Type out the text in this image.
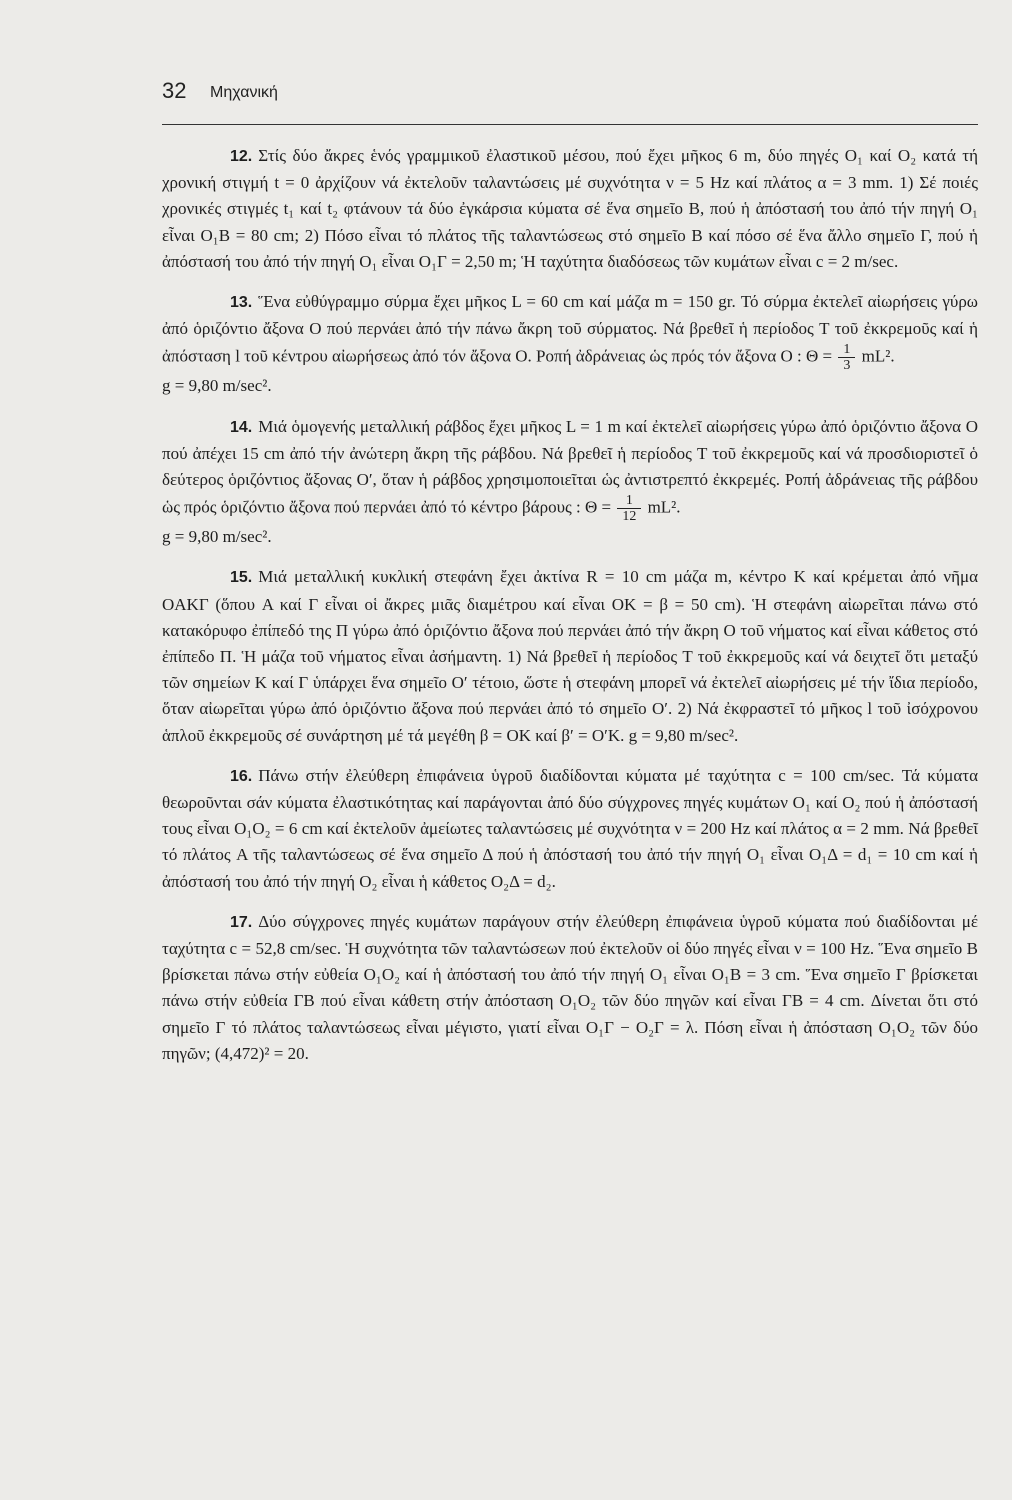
32 Μηχανική

12. Στίς δύο ἄκρες ἑνός γραμμικοῦ ἐλαστικοῦ μέσου, πού ἔχει μῆκος 6 m, δύο πηγές O₁ καί O₂ κατά τή χρονική στιγμή t = 0 ἀρχίζουν νά ἐκτελοῦν ταλαντώσεις μέ συχνότητα ν = 5 Hz καί πλάτος α = 3 mm. 1) Σέ ποιές χρονικές στιγμές t₁ καί t₂ φτάνουν τά δύο ἐγκάρσια κύματα σέ ἕνα σημεῖο Β, πού ἡ ἀπόστασή του ἀπό τήν πηγή O₁ εἶναι O₁B = 80 cm; 2) Πόσο εἶναι τό πλάτος τῆς ταλαντώσεως στό σημεῖο Β καί πόσο σέ ἕνα ἄλλο σημεῖο Γ, πού ἡ ἀπόστασή του ἀπό τήν πηγή O₁ εἶναι O₁Γ = 2,50 m; Ἡ ταχύτητα διαδόσεως τῶν κυμάτων εἶναι c = 2 m/sec.

13. Ἕνα εὐθύγραμμο σύρμα ἔχει μῆκος L = 60 cm καί μάζα m = 150 gr. Τό σύρμα ἐκτελεῖ αἰωρήσεις γύρω ἀπό ὁριζόντιο ἄξονα O πού περνάει ἀπό τήν πάνω ἄκρη τοῦ σύρματος. Νά βρεθεῖ ἡ περίοδος T τοῦ ἐκκρεμοῦς καί ἡ ἀπόσταση l τοῦ κέντρου αἰωρήσεως ἀπό τόν ἄξονα O. Ροπή ἀδράνειας ὡς πρός τόν ἄξονα O : $\Theta = \frac{1}{3} mL^2$.
g = 9,80 m/sec².

14. Μιά ὁμογενής μεταλλική ράβδος ἔχει μῆκος L = 1 m καί ἐκτελεῖ αἰωρήσεις γύρω ἀπό ὁριζόντιο ἄξονα O πού ἀπέχει 15 cm ἀπό τήν ἀνώτερη ἄκρη τῆς ράβδου. Νά βρεθεῖ ἡ περίοδος T τοῦ ἐκκρεμοῦς καί νά προσδιοριστεῖ ὁ δεύτερος ὁριζόντιος ἄξονας O′, ὅταν ἡ ράβδος χρησιμοποιεῖται ὡς ἀντιστρεπτό ἐκκρεμές. Ροπή ἀδράνειας τῆς ράβδου ὡς πρός ὁριζόντιο ἄξονα πού περνάει ἀπό τό κέντρο βάρους : $\Theta = \frac{1}{12} mL^2$.
g = 9,80 m/sec².

15. Μιά μεταλλική κυκλική στεφάνη ἔχει ἀκτίνα R = 10 cm μάζα m, κέντρο K καί κρέμεται ἀπό νῆμα OAKΓ (ὅπου A καί Γ εἶναι οἱ ἄκρες μιᾶς διαμέτρου καί εἶναι OK = β = 50 cm). Ἡ στεφάνη αἰωρεῖται πάνω στό κατακόρυφο ἐπίπεδό της Π γύρω ἀπό ὁριζόντιο ἄξονα πού περνάει ἀπό τήν ἄκρη O τοῦ νήματος καί εἶναι κάθετος στό ἐπίπεδο Π. Ἡ μάζα τοῦ νήματος εἶναι ἀσήμαντη. 1) Νά βρεθεῖ ἡ περίοδος T τοῦ ἐκκρεμοῦς καί νά δειχτεῖ ὅτι μεταξύ τῶν σημείων K καί Γ ὑπάρχει ἕνα σημεῖο O′ τέτοιο, ὥστε ἡ στεφάνη μπορεῖ νά ἐκτελεῖ αἰωρήσεις μέ τήν ἴδια περίοδο, ὅταν αἰωρεῖται γύρω ἀπό ὁριζόντιο ἄξονα πού περνάει ἀπό τό σημεῖο O′. 2) Νά ἐκφραστεῖ τό μῆκος l τοῦ ἰσόχρονου ἁπλοῦ ἐκκρεμοῦς σέ συνάρτηση μέ τά μεγέθη β = OK καί β′ = O′K. g = 9,80 m/sec².

16. Πάνω στήν ἐλεύθερη ἐπιφάνεια ὑγροῦ διαδίδονται κύματα μέ ταχύτητα c = 100 cm/sec. Τά κύματα θεωροῦνται σάν κύματα ἐλαστικότητας καί παράγονται ἀπό δύο σύγχρονες πηγές κυμάτων O₁ καί O₂ πού ἡ ἀπόστασή τους εἶναι O₁O₂ = 6 cm καί ἐκτελοῦν ἀμείωτες ταλαντώσεις μέ συχνότητα ν = 200 Hz καί πλάτος α = 2 mm. Νά βρεθεῖ τό πλάτος A τῆς ταλαντώσεως σέ ἕνα σημεῖο Δ πού ἡ ἀπόστασή του ἀπό τήν πηγή O₁ εἶναι O₁Δ = d₁ = 10 cm καί ἡ ἀπόστασή του ἀπό τήν πηγή O₂ εἶναι ἡ κάθετος O₂Δ = d₂.

17. Δύο σύγχρονες πηγές κυμάτων παράγουν στήν ἐλεύθερη ἐπιφάνεια ὑγροῦ κύματα πού διαδίδονται μέ ταχύτητα c = 52,8 cm/sec. Ἡ συχνότητα τῶν ταλαντώσεων πού ἐκτελοῦν οἱ δύο πηγές εἶναι ν = 100 Hz. Ἕνα σημεῖο B βρίσκεται πάνω στήν εὐθεία O₁O₂ καί ἡ ἀπόστασή του ἀπό τήν πηγή O₁ εἶναι O₁B = 3 cm. Ἕνα σημεῖο Γ βρίσκεται πάνω στήν εὐθεία ΓB πού εἶναι κάθετη στήν ἀπόσταση O₁O₂ τῶν δύο πηγῶν καί εἶναι ΓB = 4 cm. Δίνεται ὅτι στό σημεῖο Γ τό πλάτος ταλαντώσεως εἶναι μέγιστο, γιατί εἶναι O₁Γ − O₂Γ = λ. Πόση εἶναι ἡ ἀπόσταση O₁O₂ τῶν δύο πηγῶν; (4,472)² = 20.
